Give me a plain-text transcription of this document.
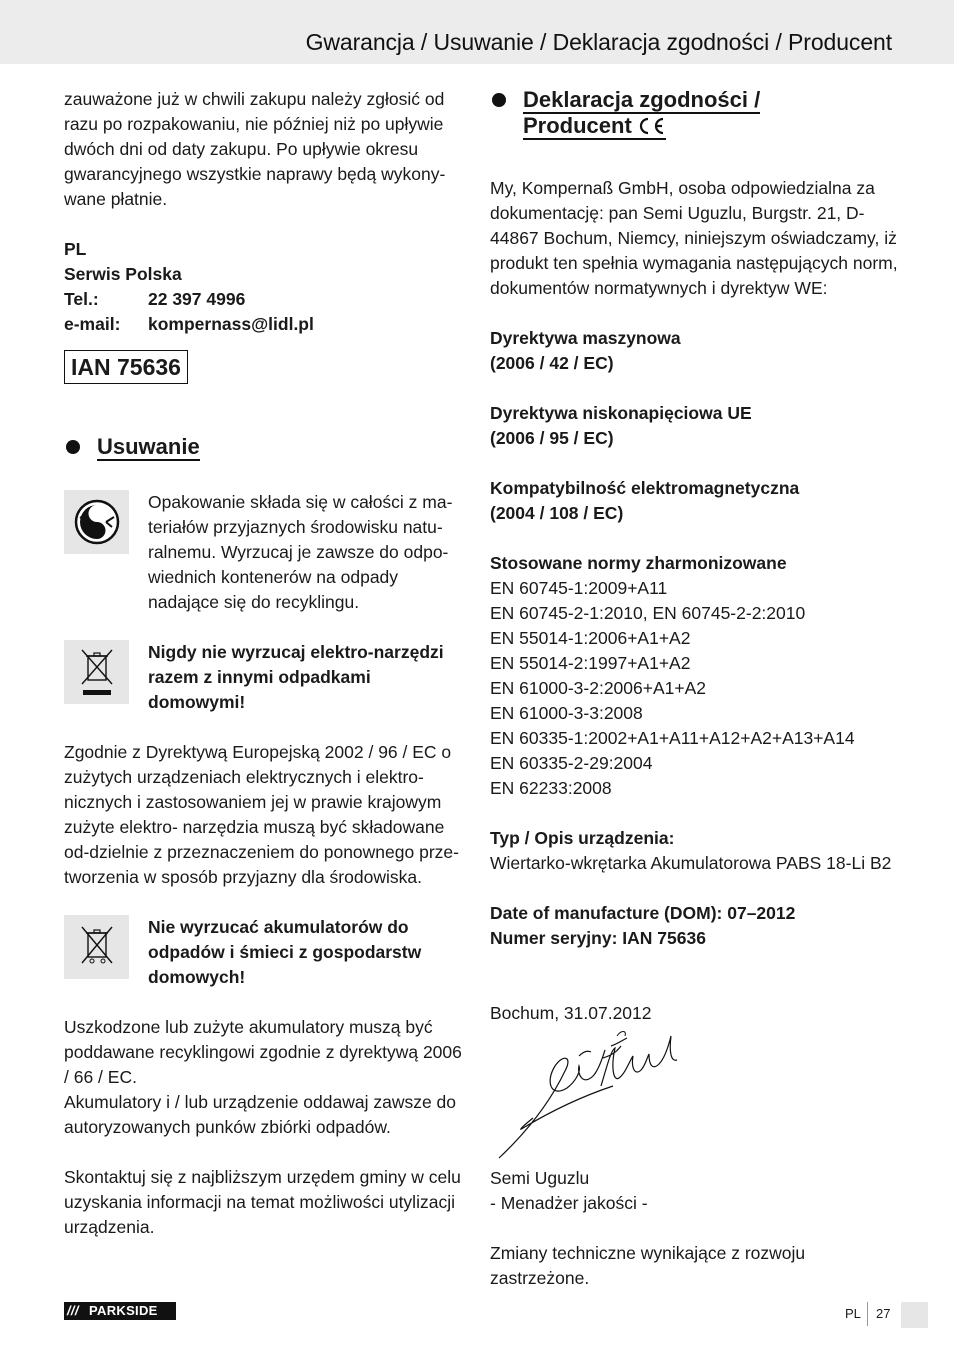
Gwarancja / Usuwanie / Deklaracja zgodności / Producent

zauważone już w chwili zakupu należy zgłosić od razu po rozpakowaniu, nie później niż po upływie dwóch dni od daty zakupu. Po upływie okresu gwarancyjnego wszystkie naprawy będą wykony-wane płatnie.

PL	
Serwis Polska	
Tel.:	22 397 4996
e-mail:	kompernass@lidl.pl
IAN 75636
Usuwanie
Opakowanie składa się w całości z ma-teriałów przyjaznych środowisku natu-ralnemu. Wyrzucaj je zawsze do odpo-wiednich kontenerów na odpady nadające się do recyklingu.
Nigdy nie wyrzucaj elektro-narzędzi razem z innymi odpadkami domowymi!

Zgodnie z Dyrektywą Europejską 2002 / 96 / EC o zużytych urządzeniach elektrycznych i elektro-nicznych i zastosowaniem jej w prawie krajowym zużyte elektro- narzędzia muszą być składowane od-dzielnie z przeznaczeniem do ponownego prze-tworzenia w sposób przyjazny dla środowiska.

Nie wyrzucać akumulatorów do odpadów i śmieci z gospodarstw domowych!

Uszkodzone lub zużyte akumulatory muszą być poddawane recyklingowi zgodnie z dyrektywą 2006 / 66 / EC.

Akumulatory i / lub urządzenie oddawaj zawsze do autoryzowanych punków zbiórki odpadów.

Skontaktuj się z najbliższym urzędem gminy w celu uzyskania informacji na temat możliwości utylizacji urządzenia.

Deklaracja zgodności /
Producent

My, Kompernaß GmbH, osoba odpowiedzialna za dokumentację: pan Semi Uguzlu, Burgstr. 21, D-44867 Bochum, Niemcy, niniejszym oświadczamy, iż produkt ten spełnia wymagania następujących norm, dokumentów normatywnych i dyrektyw WE:

Dyrektywa maszynowa

(2006 / 42 / EC)

Dyrektywa niskonapięciowa UE

(2006 / 95 / EC)

Kompatybilność elektromagnetyczna

(2004 / 108 / EC)

Stosowane normy zharmonizowane

EN 60745-1:2009+A11

EN 60745-2-1:2010, EN 60745-2-2:2010

EN 55014-1:2006+A1+A2

EN 55014-2:1997+A1+A2

EN 61000-3-2:2006+A1+A2

EN 61000-3-3:2008

EN 60335-1:2002+A1+A11+A12+A2+A13+A14

EN 60335-2-29:2004

EN 62233:2008

Typ / Opis urządzenia:

Wiertarko-wkrętarka Akumulatorowa PABS 18-Li B2

Date of manufacture (DOM): 07–2012

Numer seryjny: IAN 75636

Bochum, 31.07.2012

Semi Uguzlu

- Menadżer jakości -

Zmiany techniczne wynikające z rozwoju zastrzeżone.

/// PARKSIDE	PL 27
